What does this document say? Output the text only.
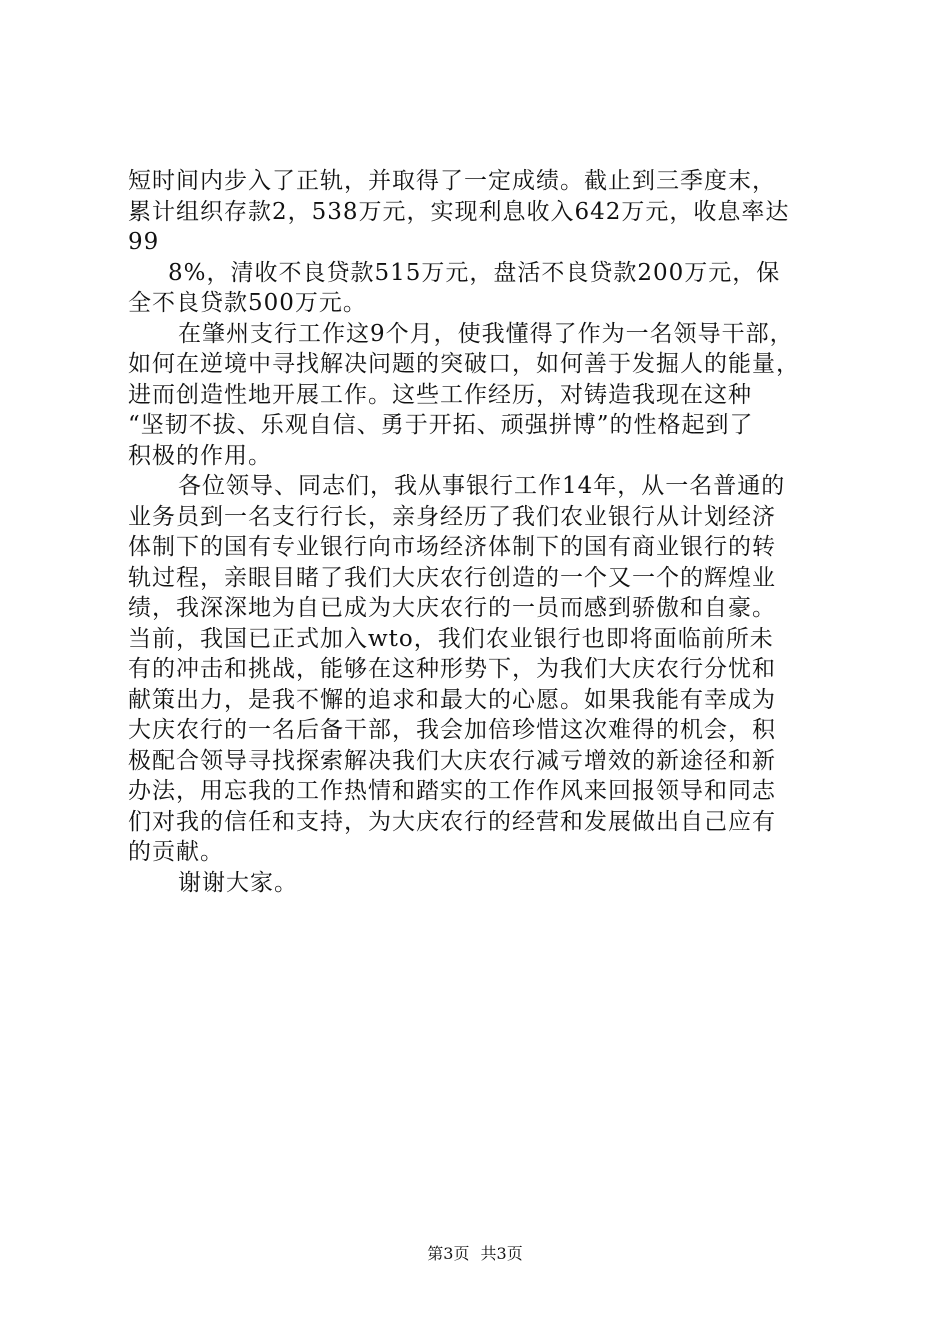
短时间内步入了正轨，并取得了一定成绩。截止到三季度末，
累计组织存款2，538万元，实现利息收入642万元，收息率达
99
8%，清收不良贷款515万元，盘活不良贷款200万元，保
全不良贷款500万元。
在肇州支行工作这9个月，使我懂得了作为一名领导干部，
如何在逆境中寻找解决问题的突破口，如何善于发掘人的能量，
进而创造性地开展工作。这些工作经历，对铸造我现在这种
“坚韧不拔、乐观自信、勇于开拓、顽强拼博”的性格起到了
积极的作用。
各位领导、同志们，我从事银行工作14年，从一名普通的
业务员到一名支行行长，亲身经历了我们农业银行从计划经济
体制下的国有专业银行向市场经济体制下的国有商业银行的转
轨过程，亲眼目睹了我们大庆农行创造的一个又一个的辉煌业
绩，我深深地为自已成为大庆农行的一员而感到骄傲和自豪。
当前，我国已正式加入wto，我们农业银行也即将面临前所未
有的冲击和挑战，能够在这种形势下，为我们大庆农行分忧和
献策出力，是我不懈的追求和最大的心愿。如果我能有幸成为
大庆农行的一名后备干部，我会加倍珍惜这次难得的机会，积
极配合领导寻找探索解决我们大庆农行减亏增效的新途径和新
办法，用忘我的工作热情和踏实的工作作风来回报领导和同志
们对我的信任和支持，为大庆农行的经营和发展做出自己应有
的贡献。
谢谢大家。
第3页 共3页
